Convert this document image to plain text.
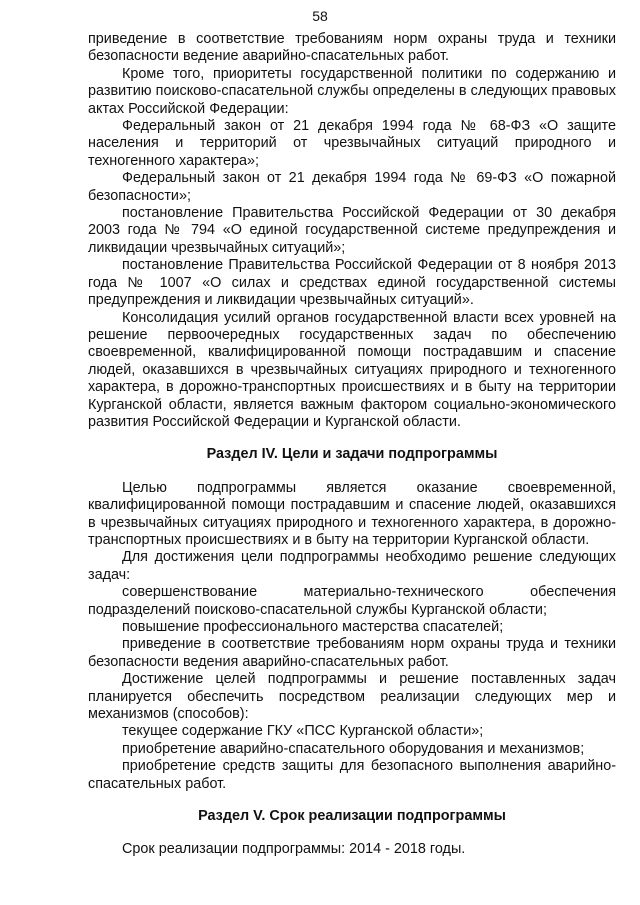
58

приведение в соответствие требованиям норм охраны труда и техники безопасности ведение аварийно-спасательных работ.

Кроме того, приоритеты государственной политики по содержанию и развитию поисково-спасательной службы определены в следующих правовых актах Российской Федерации:

Федеральный закон от 21 декабря 1994 года № 68-ФЗ «О защите населения и территорий от чрезвычайных ситуаций природного и техногенного характера»;

Федеральный закон от 21 декабря 1994 года № 69-ФЗ «О пожарной безопасности»;

постановление Правительства Российской Федерации от 30 декабря 2003 года № 794 «О единой государственной системе предупреждения и ликвидации чрезвычайных ситуаций»;

постановление Правительства Российской Федерации от 8 ноября 2013 года № 1007 «О силах и средствах единой государственной системы предупреждения и ликвидации чрезвычайных ситуаций».

Консолидация усилий органов государственной власти всех уровней на решение первоочередных государственных задач по обеспечению своевременной, квалифицированной помощи пострадавшим и спасение людей, оказавшихся в чрезвычайных ситуациях природного и техногенного характера, в дорожно-транспортных происшествиях и в быту на территории Курганской области, является важным фактором социально-экономического развития Российской Федерации и Курганской области.

Раздел IV. Цели и задачи подпрограммы

Целью подпрограммы является оказание своевременной, квалифицированной помощи пострадавшим и спасение людей, оказавшихся в чрезвычайных ситуациях природного и техногенного характера, в дорожно-транспортных происшествиях и в быту на территории Курганской области.

Для достижения цели подпрограммы необходимо решение следующих задач:

совершенствование материально-технического обеспечения подразделений поисково-спасательной службы Курганской области;

повышение профессионального мастерства спасателей;

приведение в соответствие требованиям норм охраны труда и техники безопасности ведения аварийно-спасательных работ.

Достижение целей подпрограммы и решение поставленных задач планируется обеспечить посредством реализации следующих мер и механизмов (способов):

текущее содержание ГКУ «ПСС Курганской области»;

приобретение аварийно-спасательного оборудования и механизмов;

приобретение средств защиты для безопасного выполнения аварийно-спасательных работ.

Раздел V. Срок реализации подпрограммы

Срок реализации подпрограммы: 2014 - 2018 годы.
